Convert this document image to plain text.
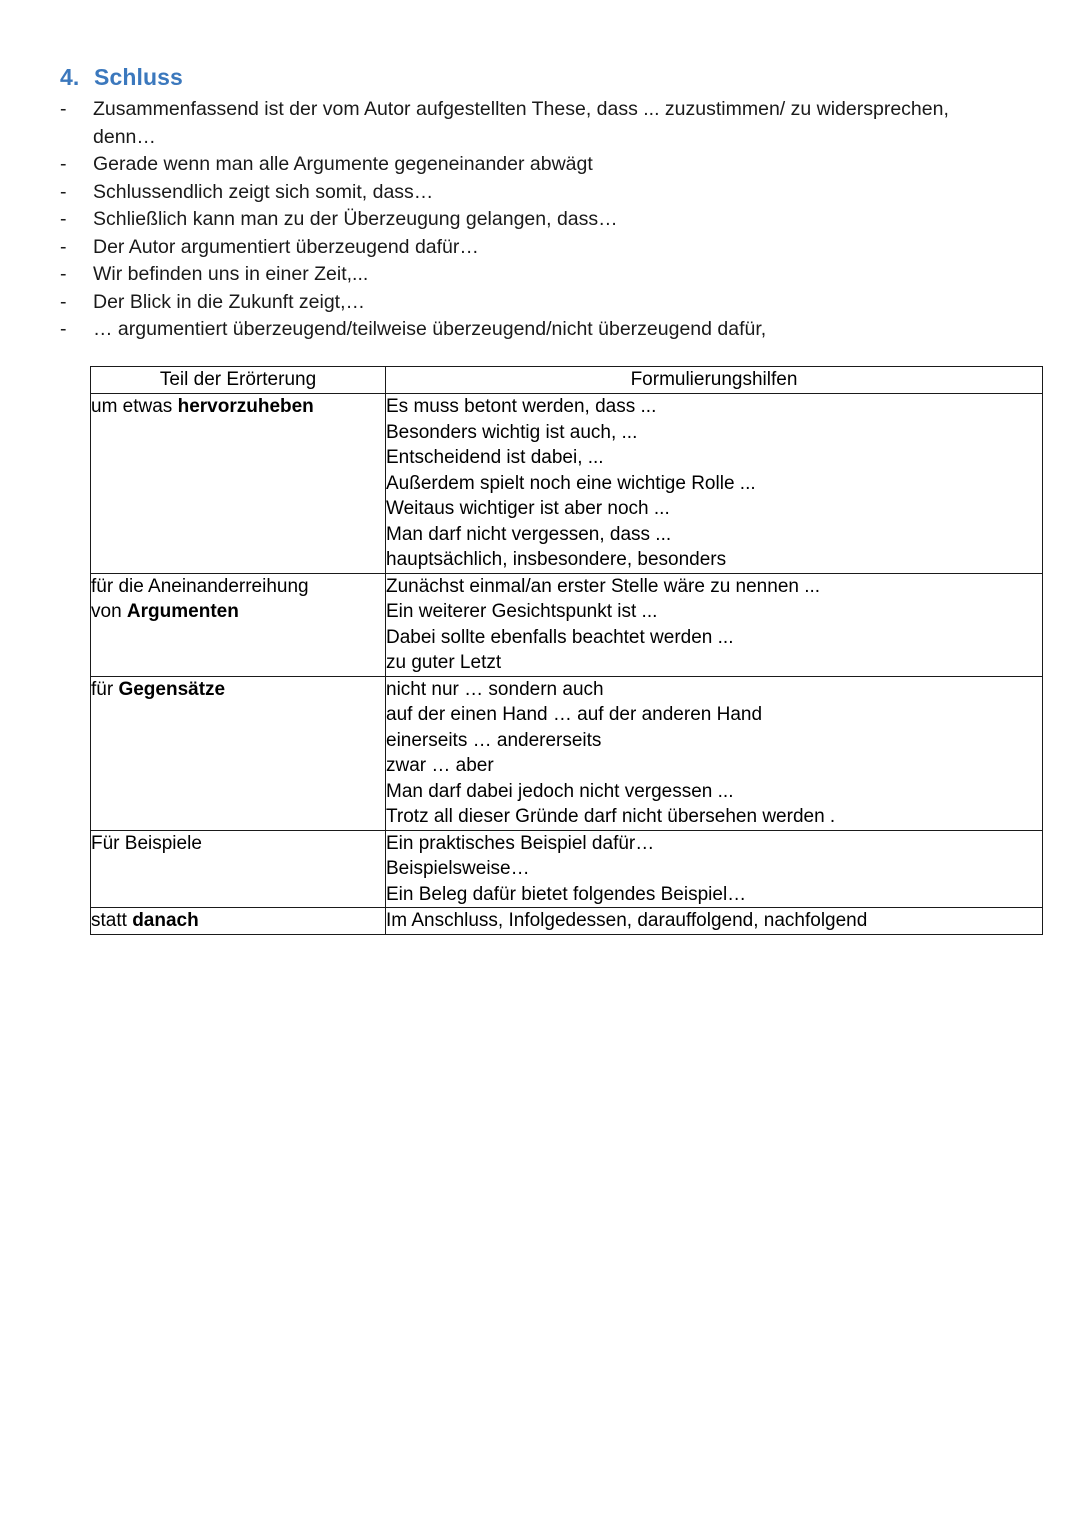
4. Schluss
-	Zusammenfassend ist der vom Autor aufgestellten These, dass ... zuzustimmen/ zu widersprechen, denn…
-	Gerade wenn man alle Argumente gegeneinander abwägt
-	Schlussendlich zeigt sich somit, dass…
-	Schließlich kann man zu der Überzeugung gelangen, dass…
-	Der Autor argumentiert überzeugend dafür…
-	Wir befinden uns in einer Zeit,...
-	Der Blick in die Zukunft zeigt,…
-	… argumentiert überzeugend/teilweise überzeugend/nicht überzeugend dafür,
Teil der Erörterung	Formulierungshilfen

um etwas hervorzuheben	Es muss betont werden, dass ...
Besonders wichtig ist auch, ...
Entscheidend ist dabei, ...
Außerdem spielt noch eine wichtige Rolle ...
Weitaus wichtiger ist aber noch ...
Man darf nicht vergessen, dass ...
hauptsächlich, insbesondere, besonders

für die Aneinanderreihung
von Argumenten	Zunächst einmal/an erster Stelle wäre zu nennen ...
Ein weiterer Gesichtspunkt ist ...
Dabei sollte ebenfalls beachtet werden ...
zu guter Letzt

für Gegensätze	nicht nur … sondern auch
auf der einen Hand … auf der anderen Hand
einerseits … andererseits
zwar … aber
Man darf dabei jedoch nicht vergessen ...
Trotz all dieser Gründe darf nicht übersehen werden .

Für Beispiele	Ein praktisches Beispiel dafür…
Beispielsweise…
Ein Beleg dafür bietet folgendes Beispiel…

statt danach	Im Anschluss, Infolgedessen, darauffolgend, nachfolgend
